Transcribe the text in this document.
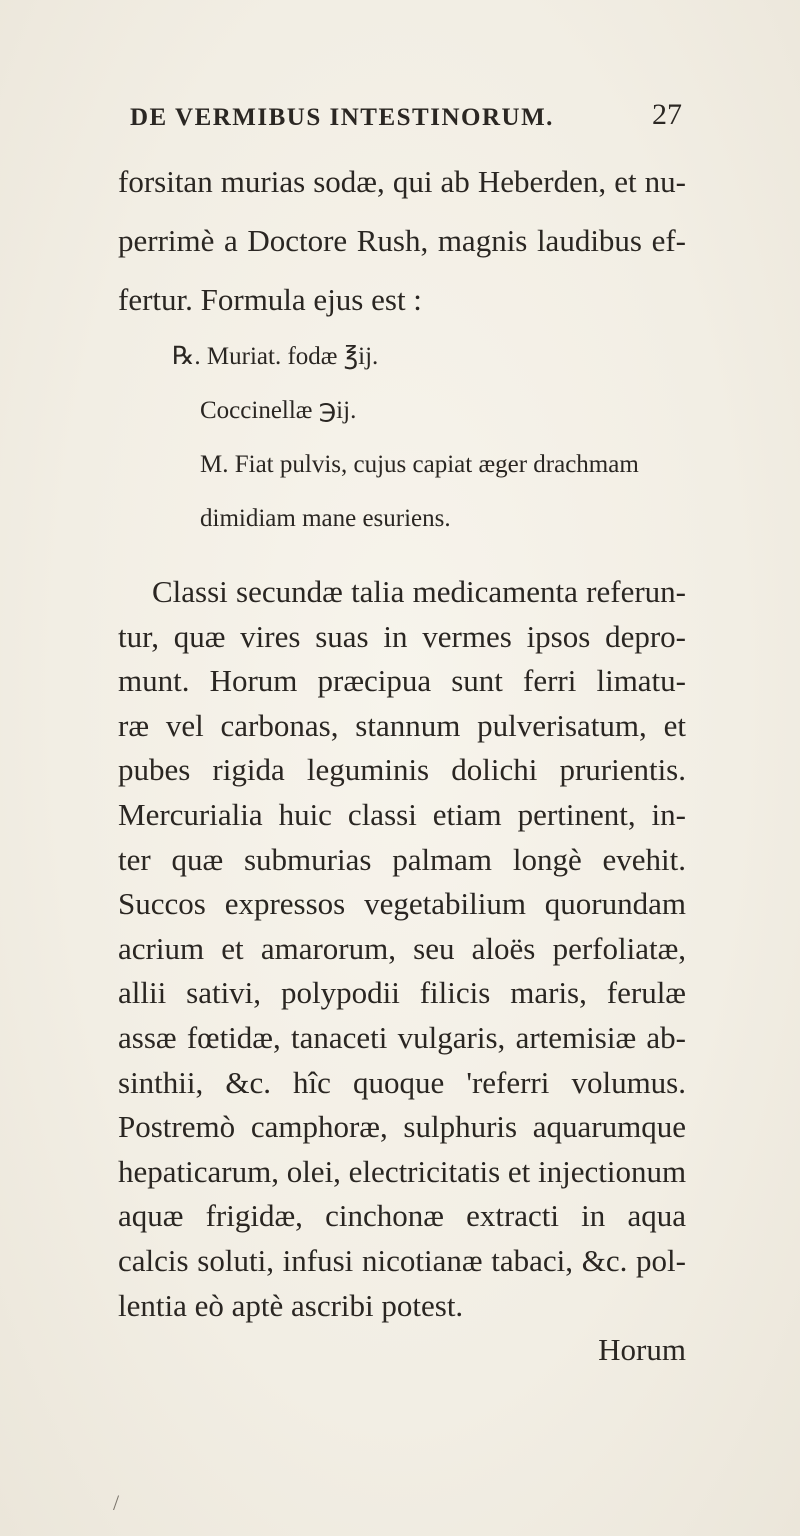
DE VERMIBUS INTESTINORUM.	27
forsitan murias sodæ, qui ab Heberden, et nu-
perrimè a Doctore Rush, magnis laudibus ef-
fertur. Formula ejus est :
℞. Muriat. fodæ ℥ij.
Coccinellæ ℈ij.
M. Fiat pulvis, cujus capiat æger drachmam
dimidiam mane esuriens.
Classi secundæ talia medicamenta referun-
tur, quæ vires suas in vermes ipsos depro-
munt. Horum præcipua sunt ferri limatu-
ræ vel carbonas, stannum pulverisatum, et
pubes rigida leguminis dolichi prurientis.
Mercurialia huic classi etiam pertinent, in-
ter quæ submurias palmam longè evehit.
Succos expressos vegetabilium quorundam
acrium et amarorum, seu aloës perfoliatæ,
allii sativi, polypodii filicis maris, ferulæ
assæ fœtidæ, tanaceti vulgaris, artemisiæ ab-
sinthii, &c. hîc quoque 'referri volumus.
Postremò camphoræ, sulphuris aquarumque
hepaticarum, olei, electricitatis et injectionum
aquæ frigidæ, cinchonæ extracti in aqua
calcis soluti, infusi nicotianæ tabaci, &c. pol-
lentia eò aptè ascribi potest.
Horum
/
